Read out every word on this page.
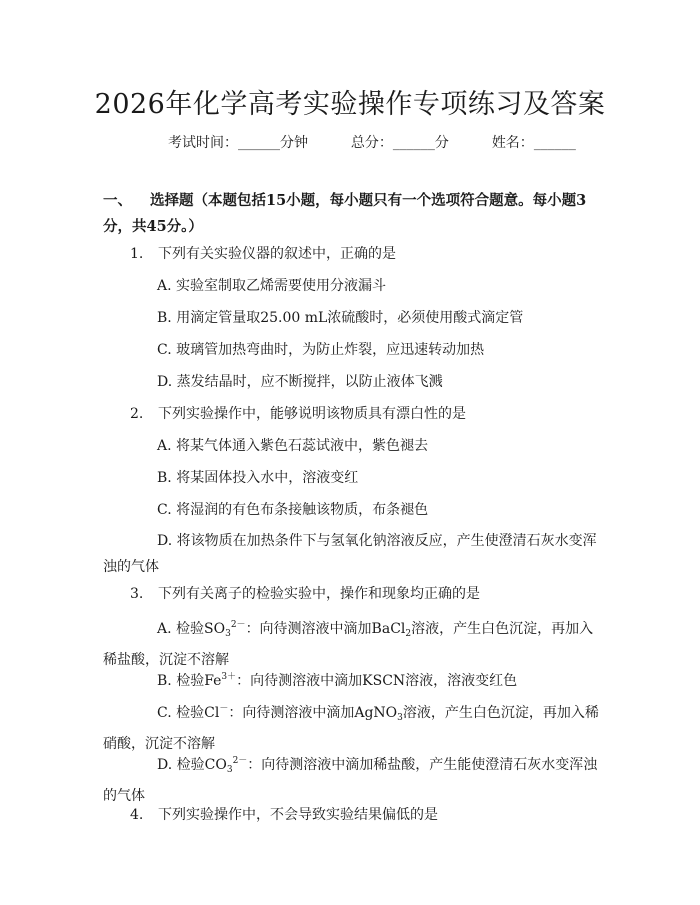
2026年化学高考实验操作专项练习及答案
考试时间：______分钟	总分：______分	姓名：______
一、 选择题（本题包括15小题，每小题只有一个选项符合题意。每小题3分，共45分。）
1. 下列有关实验仪器的叙述中，正确的是
A. 实验室制取乙烯需要使用分液漏斗
B. 用滴定管量取25.00 mL浓硫酸时，必须使用酸式滴定管
C. 玻璃管加热弯曲时，为防止炸裂，应迅速转动加热
D. 蒸发结晶时，应不断搅拌，以防止液体飞溅
2. 下列实验操作中，能够说明该物质具有漂白性的是
A. 将某气体通入紫色石蕊试液中，紫色褪去
B. 将某固体投入水中，溶液变红
C. 将湿润的有色布条接触该物质，布条褪色
D. 将该物质在加热条件下与氢氧化钠溶液反应，产生使澄清石灰水变浑浊的气体
3. 下列有关离子的检验实验中，操作和现象均正确的是
A. 检验$SO_3^{2-}$：向待测溶液中滴加BaCl$_2$溶液，产生白色沉淀，再加入稀盐酸，沉淀不溶解
B. 检验$Fe^{3+}$：向待测溶液中滴加KSCN溶液，溶液变红色
C. 检验Cl－：向待测溶液中滴加AgNO$_3$溶液，产生白色沉淀，再加入稀硝酸，沉淀不溶解
D. 检验$CO_3^{2-}$：向待测溶液中滴加稀盐酸，产生能使澄清石灰水变浑浊的气体
4. 下列实验操作中，不会导致实验结果偏低的是
